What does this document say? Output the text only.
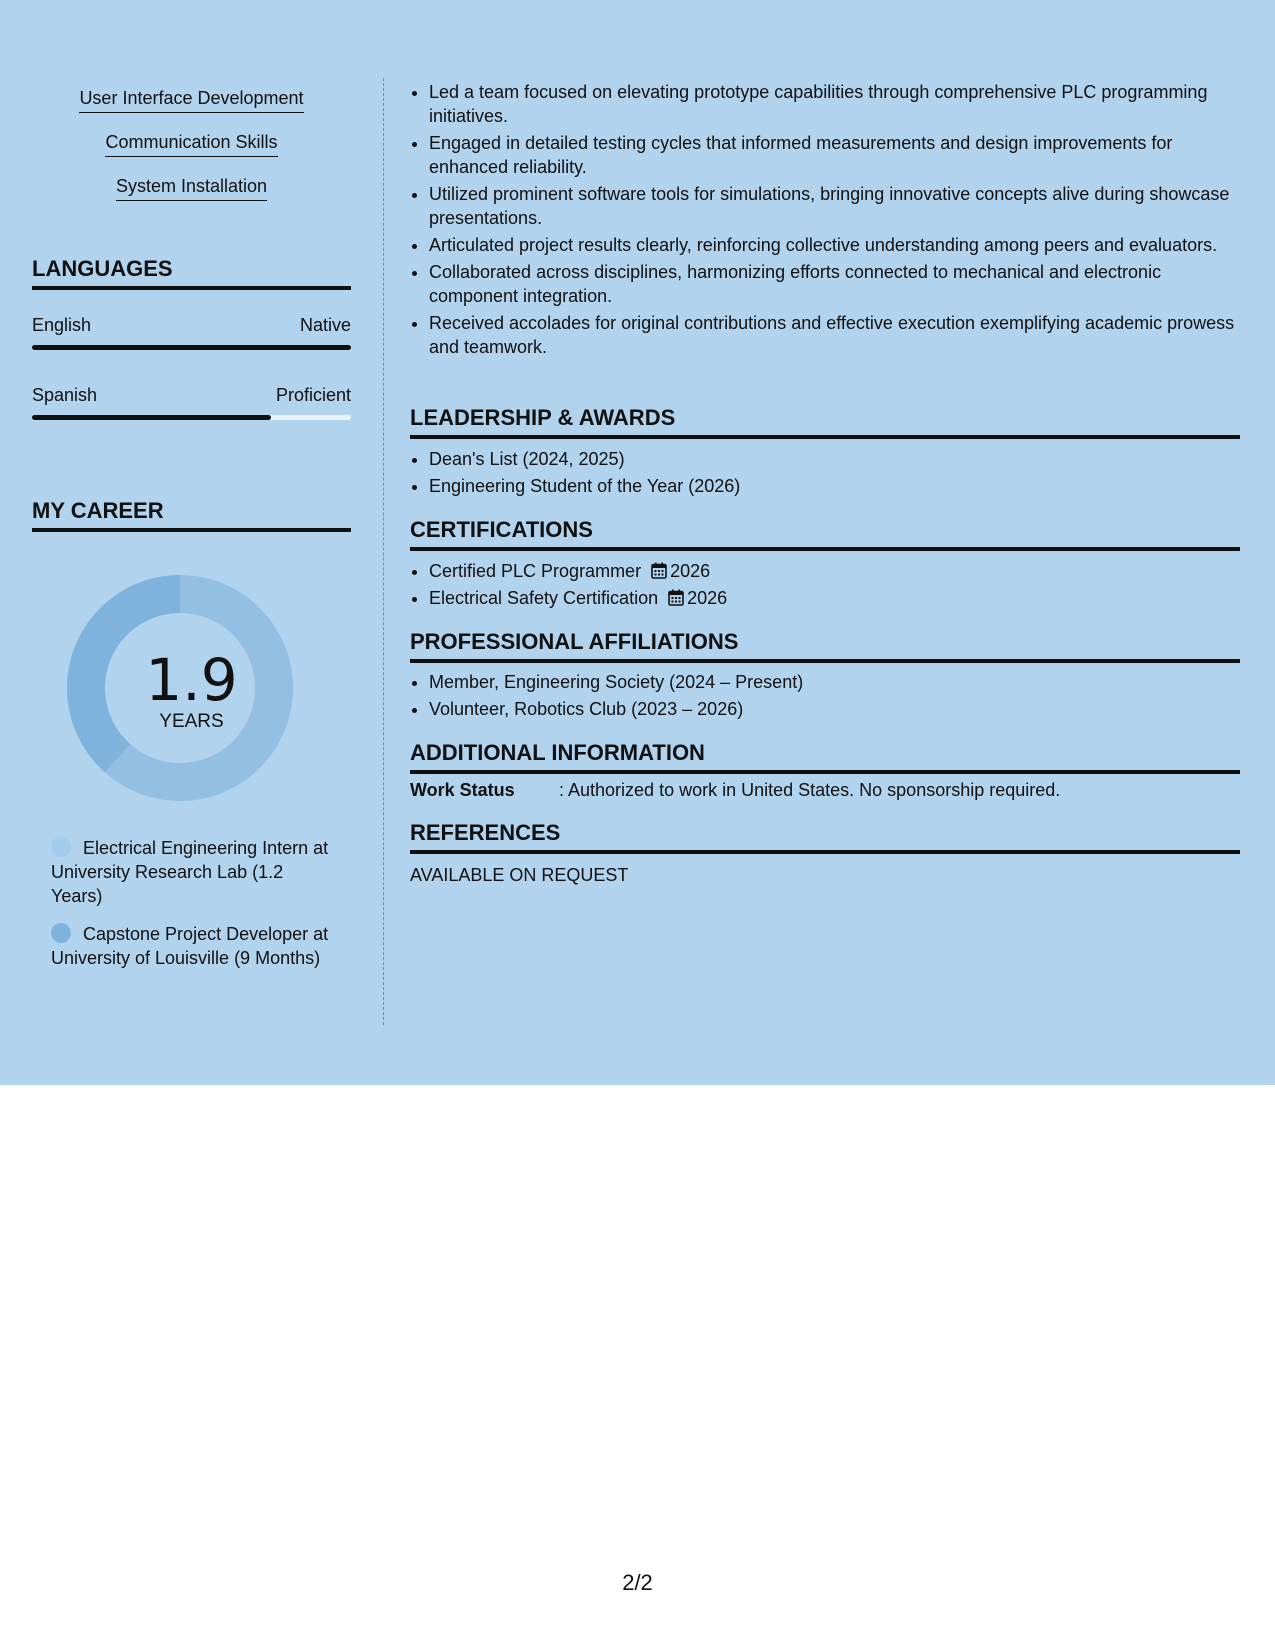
User Interface Development
Communication Skills
System Installation
LANGUAGES
English	Native
Spanish	Proficient
MY CAREER
1.9
YEARS
Electrical Engineering Intern at University Research Lab (1.2 Years)
Capstone Project Developer at University of Louisville (9 Months)
• Led a team focused on elevating prototype capabilities through comprehensive PLC programming initiatives.
• Engaged in detailed testing cycles that informed measurements and design improvements for enhanced reliability.
• Utilized prominent software tools for simulations, bringing innovative concepts alive during showcase presentations.
• Articulated project results clearly, reinforcing collective understanding among peers and evaluators.
• Collaborated across disciplines, harmonizing efforts connected to mechanical and electronic component integration.
• Received accolades for original contributions and effective execution exemplifying academic prowess and teamwork.
LEADERSHIP & AWARDS
• Dean's List (2024, 2025)
• Engineering Student of the Year (2026)
CERTIFICATIONS
• Certified PLC Programmer 2026
• Electrical Safety Certification 2026
PROFESSIONAL AFFILIATIONS
• Member, Engineering Society (2024 – Present)
• Volunteer, Robotics Club (2023 – 2026)
ADDITIONAL INFORMATION
Work Status : Authorized to work in United States. No sponsorship required.
REFERENCES
AVAILABLE ON REQUEST
2/2
